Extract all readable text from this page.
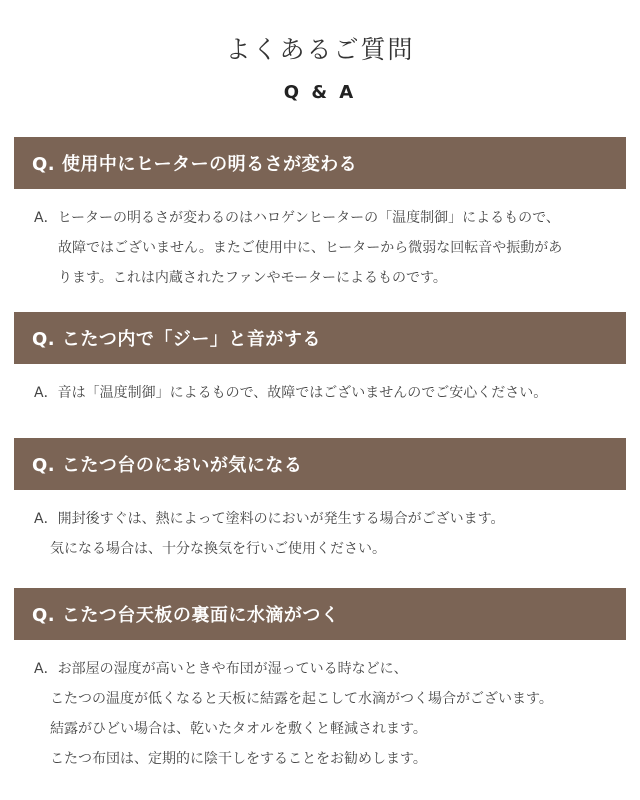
よくあるご質問
Q & A
Q. 使用中にヒーターの明るさが変わる
A．ヒーターの明るさが変わるのはハロゲンヒーターの「温度制御」によるもので、
故障ではございません。またご使用中に、ヒーターから微弱な回転音や振動があ
ります。これは内蔵されたファンやモーターによるものです。
Q. こたつ内で「ジー」と音がする
A．音は「温度制御」によるもので、故障ではございませんのでご安心ください。
Q. こたつ台のにおいが気になる
A．開封後すぐは、熱によって塗料のにおいが発生する場合がございます。
気になる場合は、十分な換気を行いご使用ください。
Q. こたつ台天板の裏面に水滴がつく
A．お部屋の湿度が高いときや布団が湿っている時などに、
こたつの温度が低くなると天板に結露を起こして水滴がつく場合がございます。
結露がひどい場合は、乾いたタオルを敷くと軽減されます。
こたつ布団は、定期的に陰干しをすることをお勧めします。
